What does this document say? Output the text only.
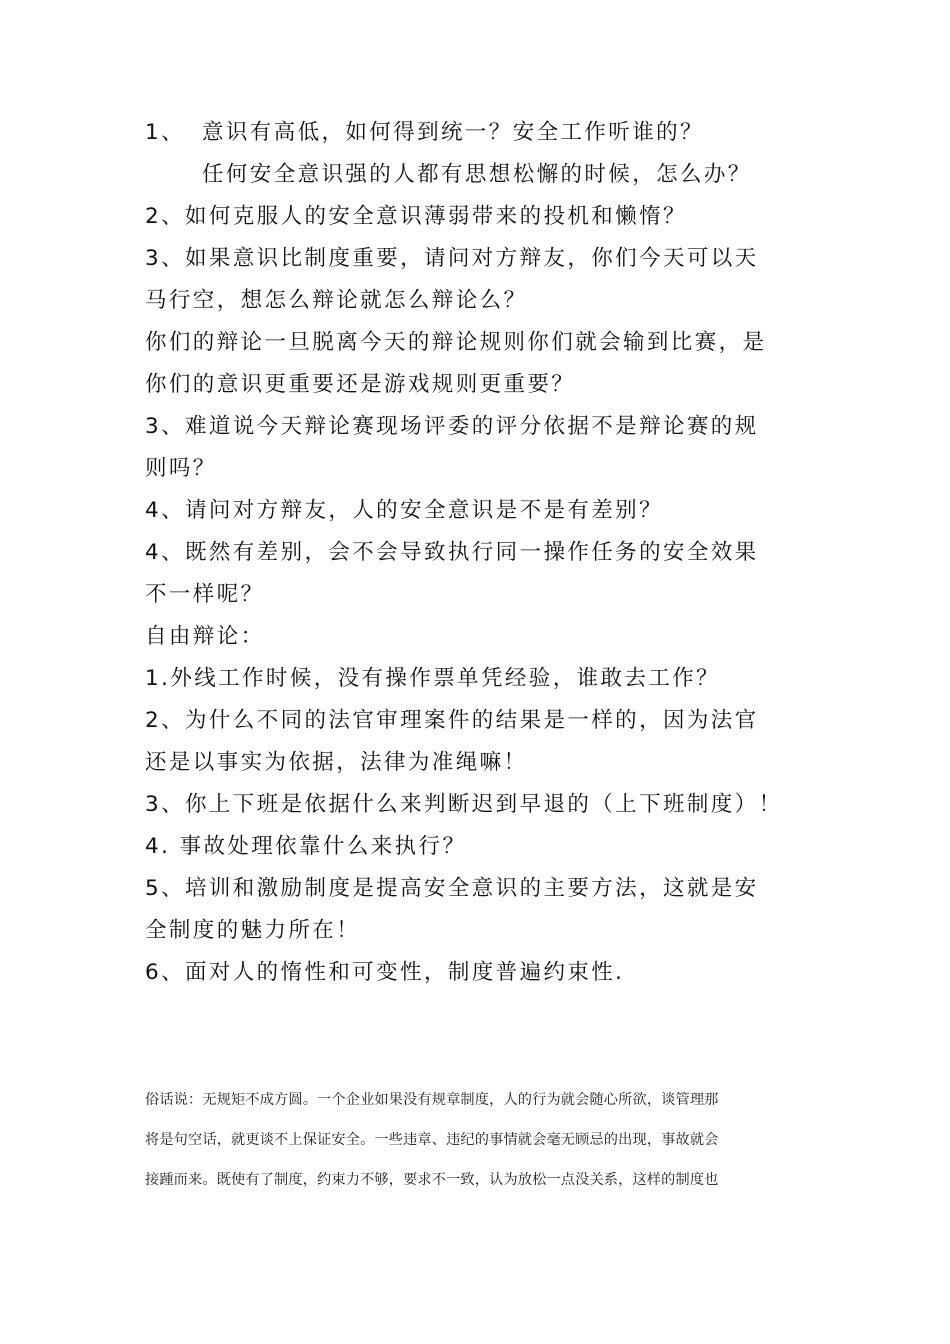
1、 意识有高低，如何得到统一？安全工作听谁的？
任何安全意识强的人都有思想松懈的时候，怎么办？
2、如何克服人的安全意识薄弱带来的投机和懒惰？
3、如果意识比制度重要，请问对方辩友，你们今天可以天
马行空，想怎么辩论就怎么辩论么？
你们的辩论一旦脱离今天的辩论规则你们就会输到比赛，是
你们的意识更重要还是游戏规则更重要？
3、难道说今天辩论赛现场评委的评分依据不是辩论赛的规
则吗？
4、请问对方辩友，人的安全意识是不是有差别？
4、既然有差别，会不会导致执行同一操作任务的安全效果
不一样呢？
自由辩论：
1.外线工作时候，没有操作票单凭经验，谁敢去工作？
2、为什么不同的法官审理案件的结果是一样的，因为法官
还是以事实为依据，法律为准绳嘛！
3、你上下班是依据什么来判断迟到早退的（上下班制度）！
4. 事故处理依靠什么来执行？
5、培训和激励制度是提高安全意识的主要方法，这就是安
全制度的魅力所在！
6、面对人的惰性和可变性，制度普遍约束性.
俗话说：无规矩不成方圆。一个企业如果没有规章制度，人的行为就会随心所欲，谈管理那
将是句空话，就更谈不上保证安全。一些违章、违纪的事情就会毫无顾忌的出现，事故就会
接踵而来。既使有了制度，约束力不够，要求不一致，认为放松一点没关系，这样的制度也
